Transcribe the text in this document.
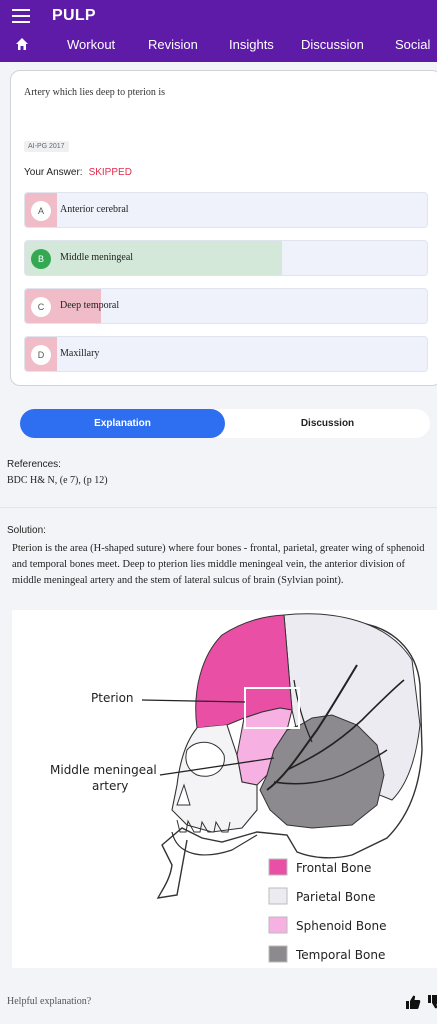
PULP
Workout	Revision Insights Discussion Social
Artery which lies deep to pterion is
AI-PG 2017
Your Answer: SKIPPED
A	Anterior cerebral
B	Middle meningeal
C	Deep temporal
D	Maxillary
Explanation	Discussion
References:
BDC H& N, (e 7), (p 12)
Solution:
Pterion is the area (H-shaped suture) where four bones - frontal, parietal, greater wing of sphenoid and temporal bones meet. Deep to pterion lies middle meningeal vein, the anterior division of middle meningeal artery and the stem of lateral sulcus of brain (Sylvian point).
Pterion
Middle meningeal
artery
Frontal Bone
Parietal Bone
Sphenoid Bone
Temporal Bone
Helpful explanation?
